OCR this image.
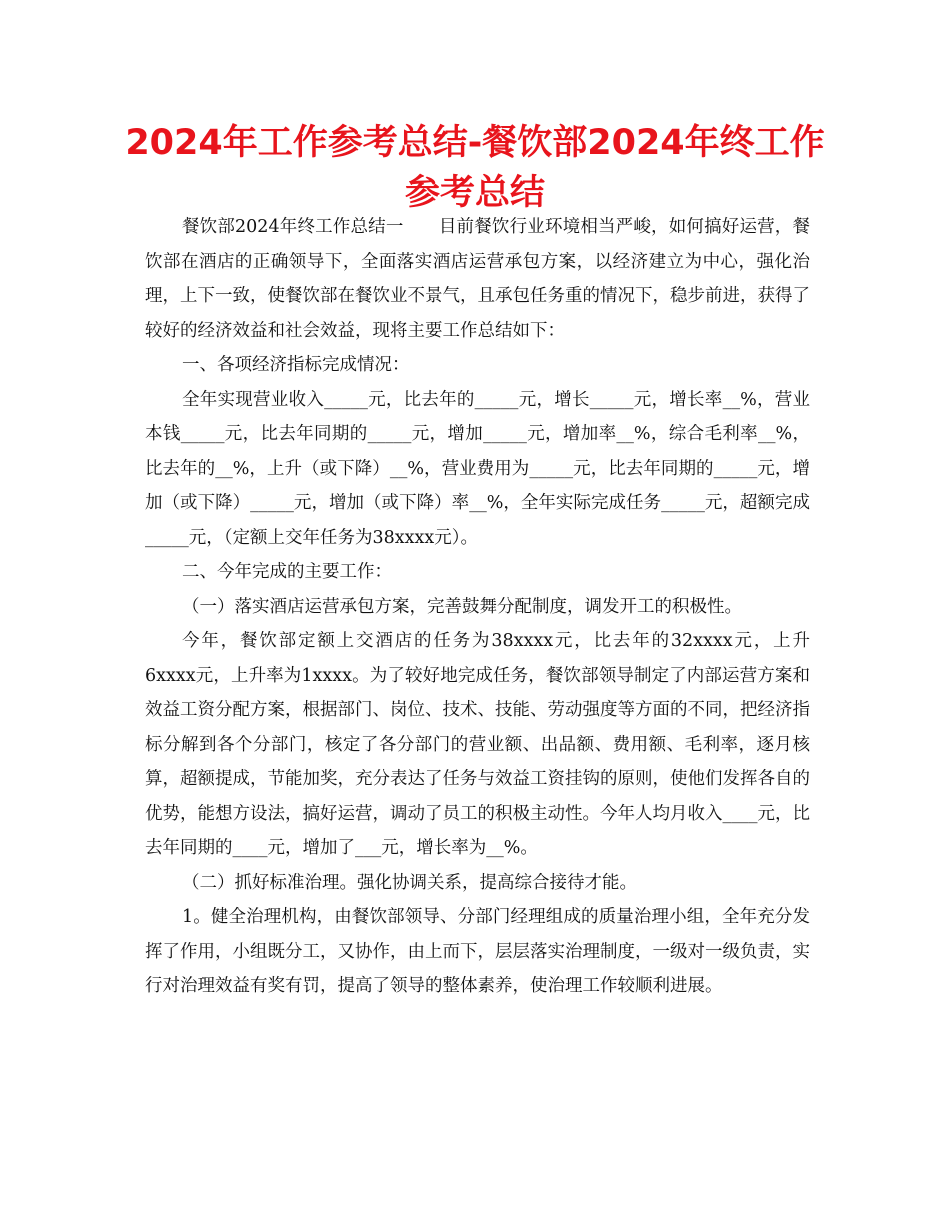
2024年工作参考总结-餐饮部2024年终工作参考总结

餐饮部2024年终工作总结一　　目前餐饮行业环境相当严峻，如何搞好运营，餐饮部在酒店的正确领导下，全面落实酒店运营承包方案，以经济建立为中心，强化治理，上下一致，使餐饮部在餐饮业不景气，且承包任务重的情况下，稳步前进，获得了较好的经济效益和社会效益，现将主要工作总结如下：

一、各项经济指标完成情况：

全年实现营业收入_____元，比去年的_____元，增长_____元，增长率__%，营业本钱_____元，比去年同期的_____元，增加_____元，增加率__%，综合毛利率__%，比去年的__%，上升（或下降）__%，营业费用为_____元，比去年同期的_____元，增加（或下降）_____元，增加（或下降）率__%，全年实际完成任务_____元，超额完成_____元，（定额上交年任务为38xxxx元）。

二、今年完成的主要工作：

（一）落实酒店运营承包方案，完善鼓舞分配制度，调发开工的积极性。

今年，餐饮部定额上交酒店的任务为38xxxx元，比去年的32xxxx元，上升6xxxx元，上升率为1xxxx。为了较好地完成任务，餐饮部领导制定了内部运营方案和效益工资分配方案，根据部门、岗位、技术、技能、劳动强度等方面的不同，把经济指标分解到各个分部门，核定了各分部门的营业额、出品额、费用额、毛利率，逐月核算，超额提成，节能加奖，充分表达了任务与效益工资挂钩的原则，使他们发挥各自的优势，能想方设法，搞好运营，调动了员工的积极主动性。今年人均月收入____元，比去年同期的____元，增加了___元，增长率为__%。

（二）抓好标准治理。强化协调关系，提高综合接待才能。

1。健全治理机构，由餐饮部领导、分部门经理组成的质量治理小组，全年充分发挥了作用，小组既分工，又协作，由上而下，层层落实治理制度，一级对一级负责，实行对治理效益有奖有罚，提高了领导的整体素养，使治理工作较顺利进展。
